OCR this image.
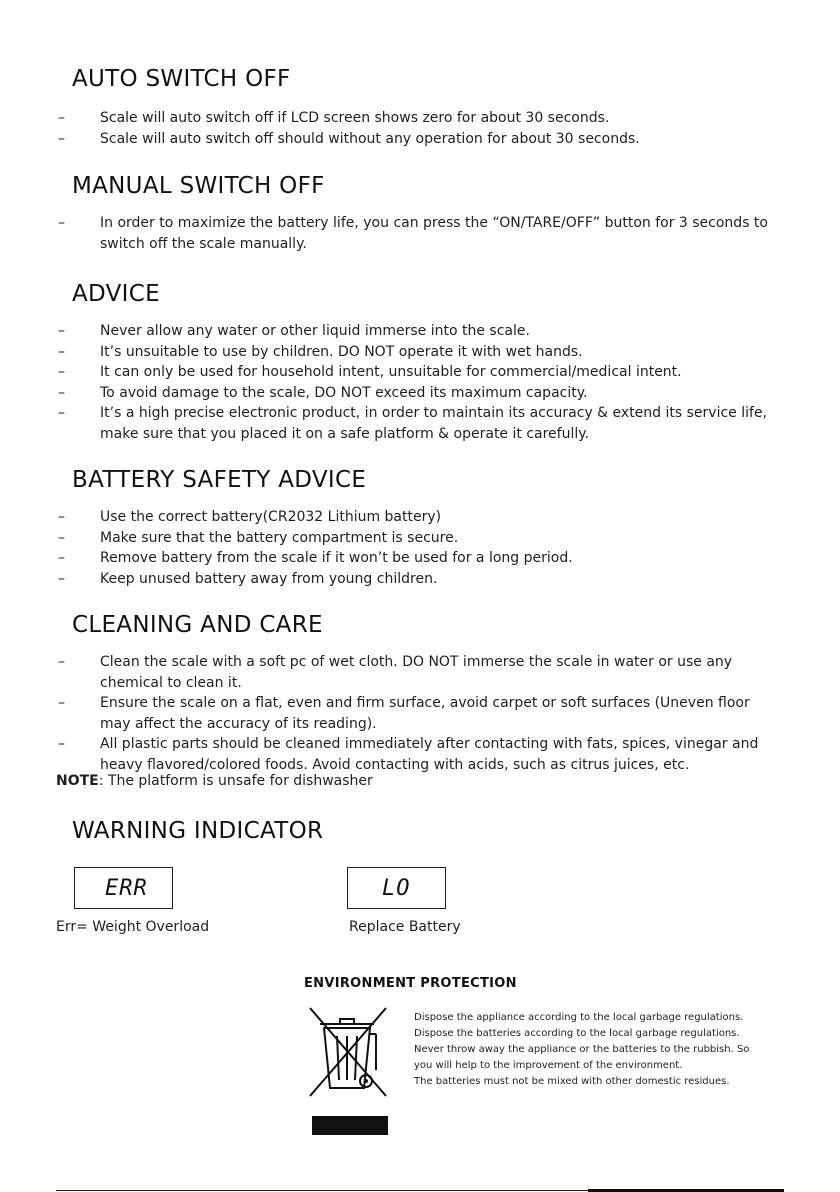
AUTO SWITCH OFF
–	Scale will auto switch off if LCD screen shows zero for about 30 seconds.
–	Scale will auto switch off should without any operation for about 30 seconds.
MANUAL SWITCH OFF
–	In order to maximize the battery life, you can press the “ON/TARE/OFF” button for 3 seconds to switch off the scale manually.
ADVICE
–	Never allow any water or other liquid immerse into the scale.
–	It’s unsuitable to use by children. DO NOT operate it with wet hands.
–	It can only be used for household intent, unsuitable for commercial/medical intent.
–	To avoid damage to the scale, DO NOT exceed its maximum capacity.
–	It’s a high precise electronic product, in order to maintain its accuracy & extend its service life, make sure that you placed it on a safe platform & operate it carefully.
BATTERY SAFETY ADVICE
–	Use the correct battery(CR2032 Lithium battery)
–	Make sure that the battery compartment is secure.
–	Remove battery from the scale if it won’t be used for a long period.
–	Keep unused battery away from young children.
CLEANING AND CARE
–	Clean the scale with a soft pc of wet cloth. DO NOT immerse the scale in water or use any chemical to clean it.
–	Ensure the scale on a flat, even and firm surface, avoid carpet or soft surfaces (Uneven floor may affect the accuracy of its reading).
–	All plastic parts should be cleaned immediately after contacting with fats, spices, vinegar and heavy flavored/colored foods. Avoid contacting with acids, such as citrus juices, etc.
NOTE: The platform is unsafe for dishwasher
WARNING INDICATOR
ERR
Err= Weight Overload
LO
Replace Battery
ENVIRONMENT PROTECTION
Dispose the appliance according to the local garbage regulations.
Dispose the batteries according to the local garbage regulations.
Never throw away the appliance or the batteries to the rubbish. So
you will help to the improvement of the environment.
The batteries must not be mixed with other domestic residues.
